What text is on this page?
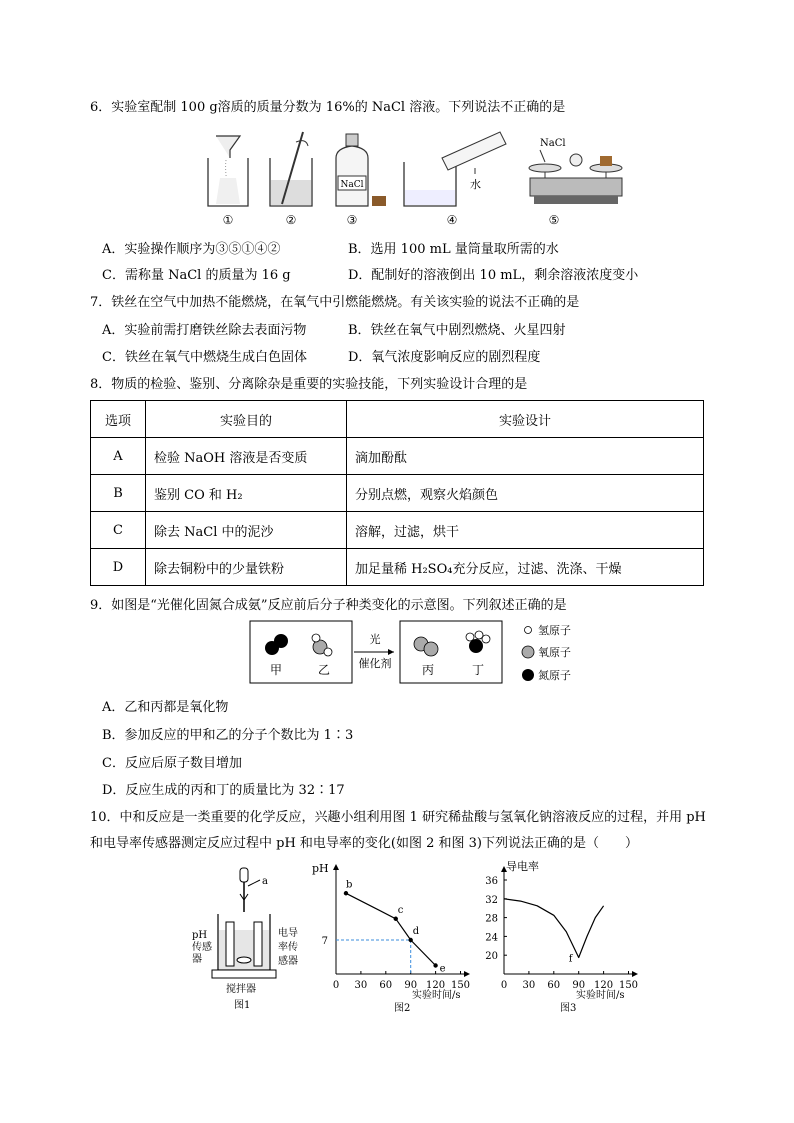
6．实验室配制 100 g溶质的质量分数为 16%的 NaCl 溶液。下列说法不正确的是
NaCl	水
NaCl
①	②	③	④	⑤
A．实验操作顺序为③⑤①④②	B．选用 100 mL 量筒量取所需的水
C．需称量 NaCl 的质量为 16 g	D．配制好的溶液倒出 10 mL，剩余溶液浓度变小
7．铁丝在空气中加热不能燃烧，在氧气中引燃能燃烧。有关该实验的说法不正确的是
A．实验前需打磨铁丝除去表面污物	B．铁丝在氧气中剧烈燃烧、火星四射
C．铁丝在氧气中燃烧生成白色固体	D．氧气浓度影响反应的剧烈程度
8．物质的检验、鉴别、分离除杂是重要的实验技能，下列实验设计合理的是
选项	实验目的	实验设计
A	检验 NaOH 溶液是否变质	滴加酚酞
B	鉴别 CO 和 H₂	分别点燃，观察火焰颜色
C	除去 NaCl 中的泥沙	溶解，过滤，烘干
D	除去铜粉中的少量铁粉	加足量稀 H₂SO₄充分反应，过滤、洗涤、干燥
9．如图是“光催化固氮合成氨”反应前后分子种类变化的示意图。下列叙述正确的是
甲	乙	丙	丁
光
催化剂
氢原子
氧原子
氮原子
A．乙和丙都是氧化物
B．参加反应的甲和乙的分子个数比为 1∶3
C．反应后原子数目增加
D．反应生成的丙和丁的质量比为 32∶17
10．中和反应是一类重要的化学反应，兴趣小组利用图 1 研究稀盐酸与氢氧化钠溶液反应的过程，并用 pH
和电导率传感器测定反应过程中 pH 和电导率的变化(如图 2 和图 3)下列说法正确的是（　　）
a
pH
传感
器
电导
率传
感器
搅拌器
图1
pH
0 30 60 90 120 150
7
b
c
d
e
实验时间/s
图2
导电率
0 30 60 90 120 150
36
32
28
24
20	f
实验时间/s
图3
